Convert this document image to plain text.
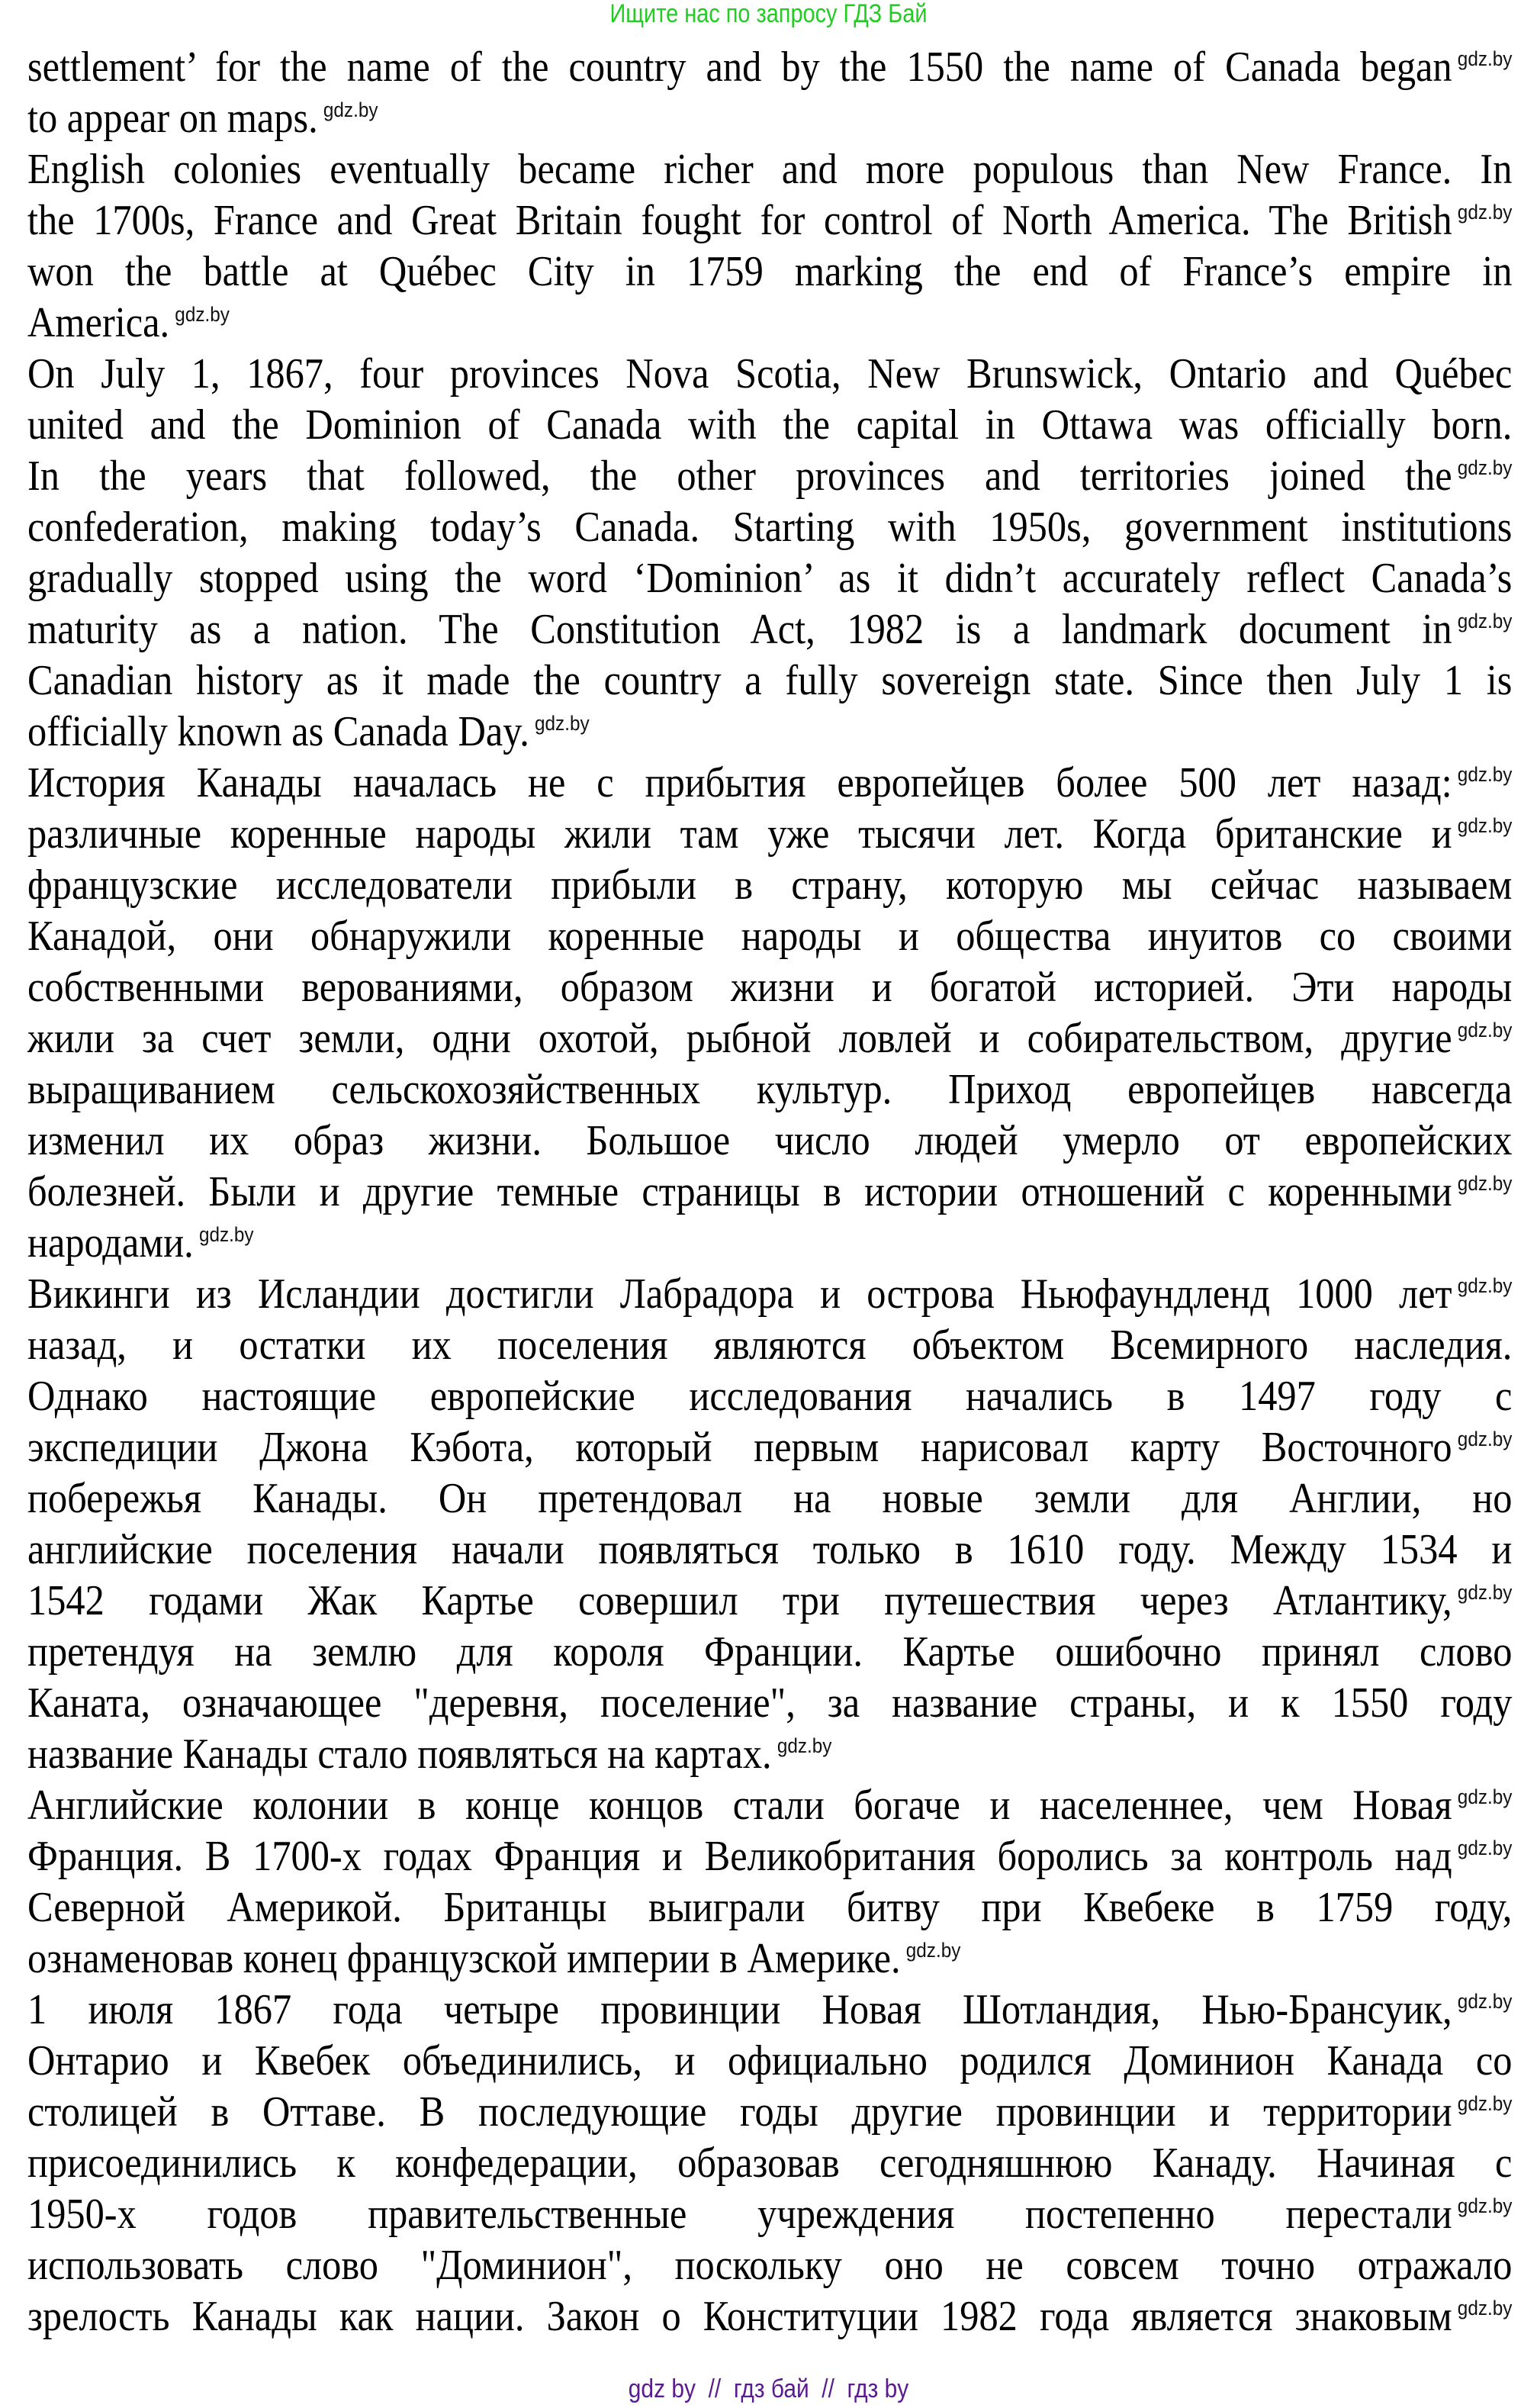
Ищите нас по запросу ГДЗ Бай
settlement’ for the name of the country and by the 1550 the name of Canada began $^{gdz.by}$
to appear on maps. $^{gdz.by}$
English colonies eventually became richer and more populous than New France. In
the 1700s, France and Great Britain fought for control of North America. The British $^{gdz.by}$
won the battle at Québec City in 1759 marking the end of France’s empire in
America. $^{gdz.by}$
On July 1, 1867, four provinces Nova Scotia, New Brunswick, Ontario and Québec
united and the Dominion of Canada with the capital in Ottawa was officially born.
In the years that followed, the other provinces and territories joined the $^{gdz.by}$
confederation, making today’s Canada. Starting with 1950s, government institutions
gradually stopped using the word ‘Dominion’ as it didn’t accurately reflect Canada’s
maturity as a nation. The Constitution Act, 1982 is a landmark document in $^{gdz.by}$
Canadian history as it made the country a fully sovereign state. Since then July 1 is
officially known as Canada Day. $^{gdz.by}$
История Канады началась не с прибытия европейцев более 500 лет назад: $^{gdz.by}$
различные коренные народы жили там уже тысячи лет. Когда британские и $^{gdz.by}$
французские исследователи прибыли в страну, которую мы сейчас называем
Канадой, они обнаружили коренные народы и общества инуитов со своими
собственными верованиями, образом жизни и богатой историей. Эти народы
жили за счет земли, одни охотой, рыбной ловлей и собирательством, другие $^{gdz.by}$
выращиванием сельскохозяйственных культур. Приход европейцев навсегда
изменил их образ жизни. Большое число людей умерло от европейских
болезней. Были и другие темные страницы в истории отношений с коренными $^{gdz.by}$
народами. $^{gdz.by}$
Викинги из Исландии достигли Лабрадора и острова Ньюфаундленд 1000 лет $^{gdz.by}$
назад, и остатки их поселения являются объектом Всемирного наследия.
Однако настоящие европейские исследования начались в 1497 году с
экспедиции Джона Кэбота, который первым нарисовал карту Восточного $^{gdz.by}$
побережья Канады. Он претендовал на новые земли для Англии, но
английские поселения начали появляться только в 1610 году. Между 1534 и
1542 годами Жак Картье совершил три путешествия через Атлантику, $^{gdz.by}$
претендуя на землю для короля Франции. Картье ошибочно принял слово
Каната, означающее "деревня, поселение", за название страны, и к 1550 году
название Канады стало появляться на картах. $^{gdz.by}$
Английские колонии в конце концов стали богаче и населеннее, чем Новая $^{gdz.by}$
Франция. В 1700-х годах Франция и Великобритания боролись за контроль над $^{gdz.by}$
Северной Америкой. Британцы выиграли битву при Квебеке в 1759 году,
ознаменовав конец французской империи в Америке. $^{gdz.by}$
1 июля 1867 года четыре провинции Новая Шотландия, Нью-Брансуик, $^{gdz.by}$
Онтарио и Квебек объединились, и официально родился Доминион Канада со
столицей в Оттаве. В последующие годы другие провинции и территории $^{gdz.by}$
присоединились к конфедерации, образовав сегодняшнюю Канаду. Начиная с
1950-х годов правительственные учреждения постепенно перестали $^{gdz.by}$
использовать слово "Доминион", поскольку оно не совсем точно отражало
зрелость Канады как нации. Закон о Конституции 1982 года является знаковым $^{gdz.by}$
gdz by  //  гдз бай  //  гдз by
